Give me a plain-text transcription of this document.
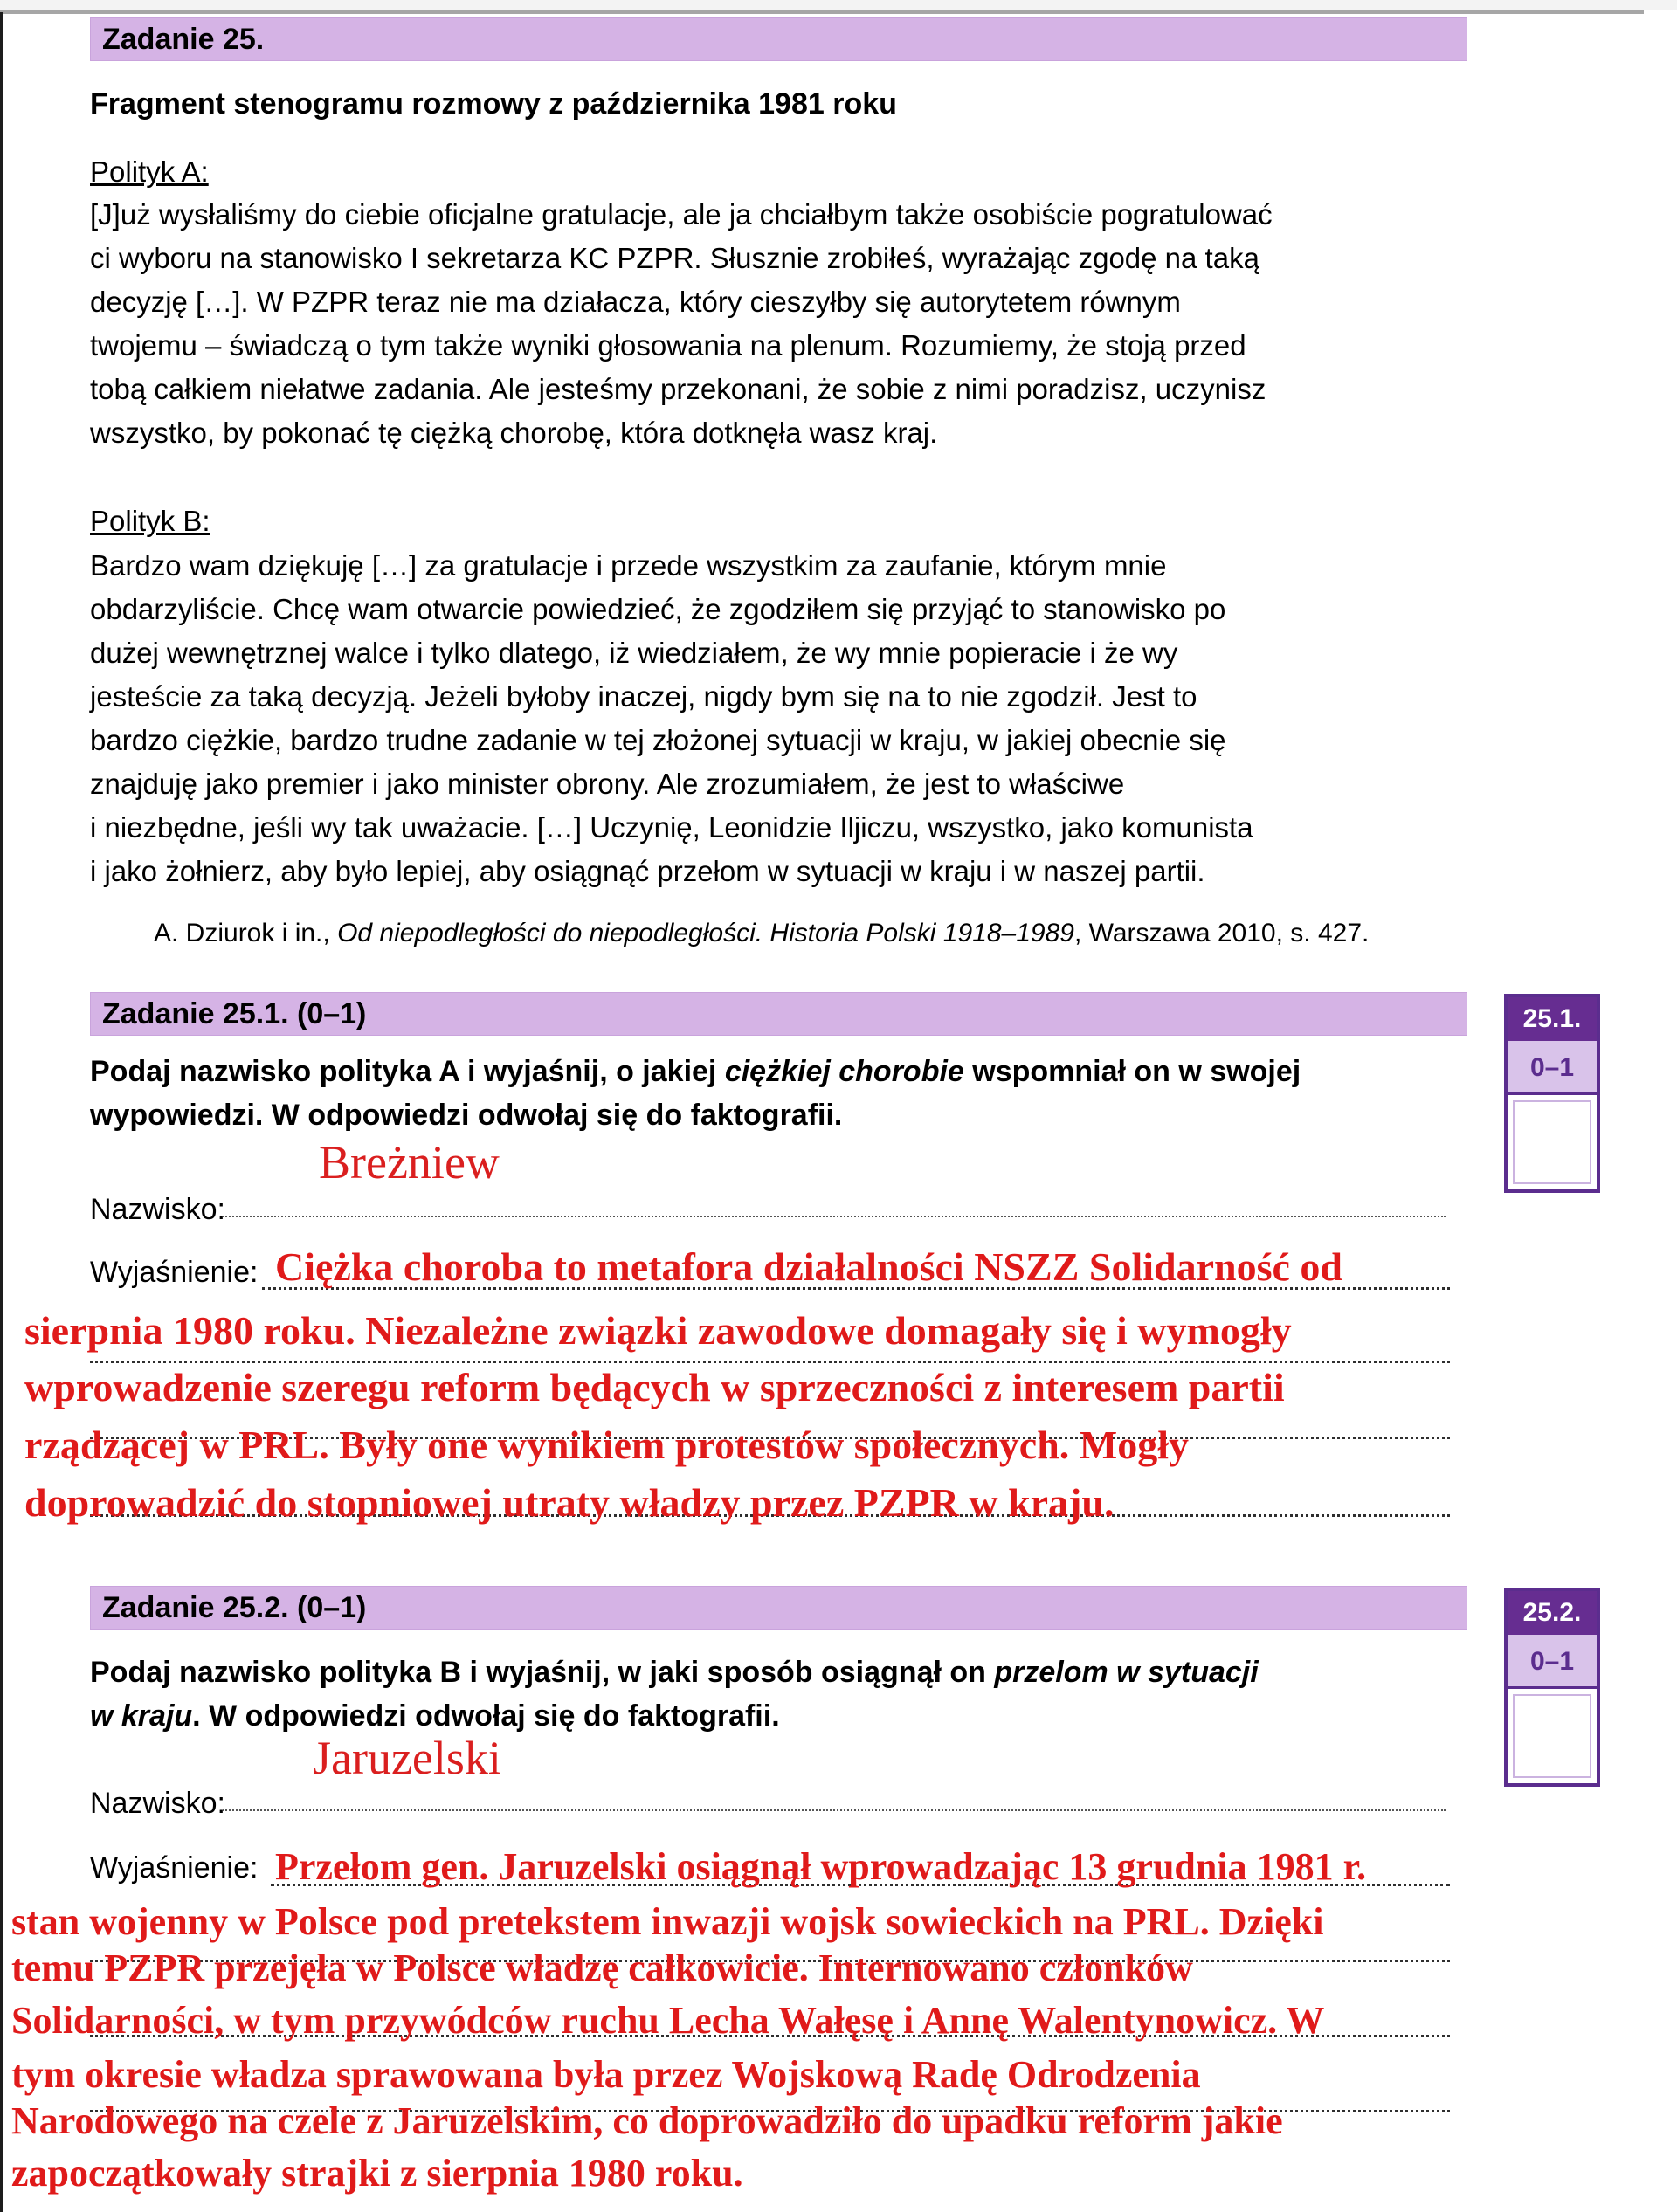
Zadanie 25.
Fragment stenogramu rozmowy z października 1981 roku
Polityk A:
[J]uż wysłaliśmy do ciebie oficjalne gratulacje, ale ja chciałbym także osobiście pogratulować
ci wyboru na stanowisko I sekretarza KC PZPR. Słusznie zrobiłeś, wyrażając zgodę na taką
decyzję […]. W PZPR teraz nie ma działacza, który cieszyłby się autorytetem równym
twojemu – świadczą o tym także wyniki głosowania na plenum. Rozumiemy, że stoją przed
tobą całkiem niełatwe zadania. Ale jesteśmy przekonani, że sobie z nimi poradzisz, uczynisz
wszystko, by pokonać tę ciężką chorobę, która dotknęła wasz kraj.
Polityk B:
Bardzo wam dziękuję […] za gratulacje i przede wszystkim za zaufanie, którym mnie
obdarzyliście. Chcę wam otwarcie powiedzieć, że zgodziłem się przyjąć to stanowisko po
dużej wewnętrznej walce i tylko dlatego, iż wiedziałem, że wy mnie popieracie i że wy
jesteście za taką decyzją. Jeżeli byłoby inaczej, nigdy bym się na to nie zgodził. Jest to
bardzo ciężkie, bardzo trudne zadanie w tej złożonej sytuacji w kraju, w jakiej obecnie się
znajduję jako premier i jako minister obrony. Ale zrozumiałem, że jest to właściwe
i niezbędne, jeśli wy tak uważacie. […] Uczynię, Leonidzie Iljiczu, wszystko, jako komunista
i jako żołnierz, aby było lepiej, aby osiągnąć przełom w sytuacji w kraju i w naszej partii.
A. Dziurok i in., Od niepodległości do niepodległości. Historia Polski 1918–1989, Warszawa 2010, s. 427.
Zadanie 25.1. (0–1)	25.1.
0–1
Podaj nazwisko polityka A i wyjaśnij, o jakiej ciężkiej chorobie wspomniał on w swojej
wypowiedzi. W odpowiedzi odwołaj się do faktografii.
Nazwisko:
Breżniew
Wyjaśnienie: Ciężka choroba to metafora działalności NSZZ Solidarność od
sierpnia 1980 roku. Niezależne związki zawodowe domagały się i wymogły
wprowadzenie szeregu reform będących w sprzeczności z interesem partii
rządzącej w PRL. Były one wynikiem protestów społecznych. Mogły
doprowadzić do stopniowej utraty władzy przez PZPR w kraju.
Zadanie 25.2. (0–1)	25.2.
0–1
Podaj nazwisko polityka B i wyjaśnij, w jaki sposób osiągnął on przelom w sytuacji
w kraju. W odpowiedzi odwołaj się do faktografii.
Nazwisko:
Jaruzelski
Wyjaśnienie: Przełom gen. Jaruzelski osiągnął wprowadzając 13 grudnia 1981 r.
stan wojenny w Polsce pod pretekstem inwazji wojsk sowieckich na PRL. Dzięki
temu PZPR przejęła w Polsce władzę całkowicie. Internowano członków
Solidarności, w tym przywódców ruchu Lecha Wałęsę i Annę Walentynowicz. W
tym okresie władza sprawowana była przez Wojskową Radę Odrodzenia
Narodowego na czele z Jaruzelskim, co doprowadziło do upadku reform jakie
zapoczątkowały strajki z sierpnia 1980 roku.
